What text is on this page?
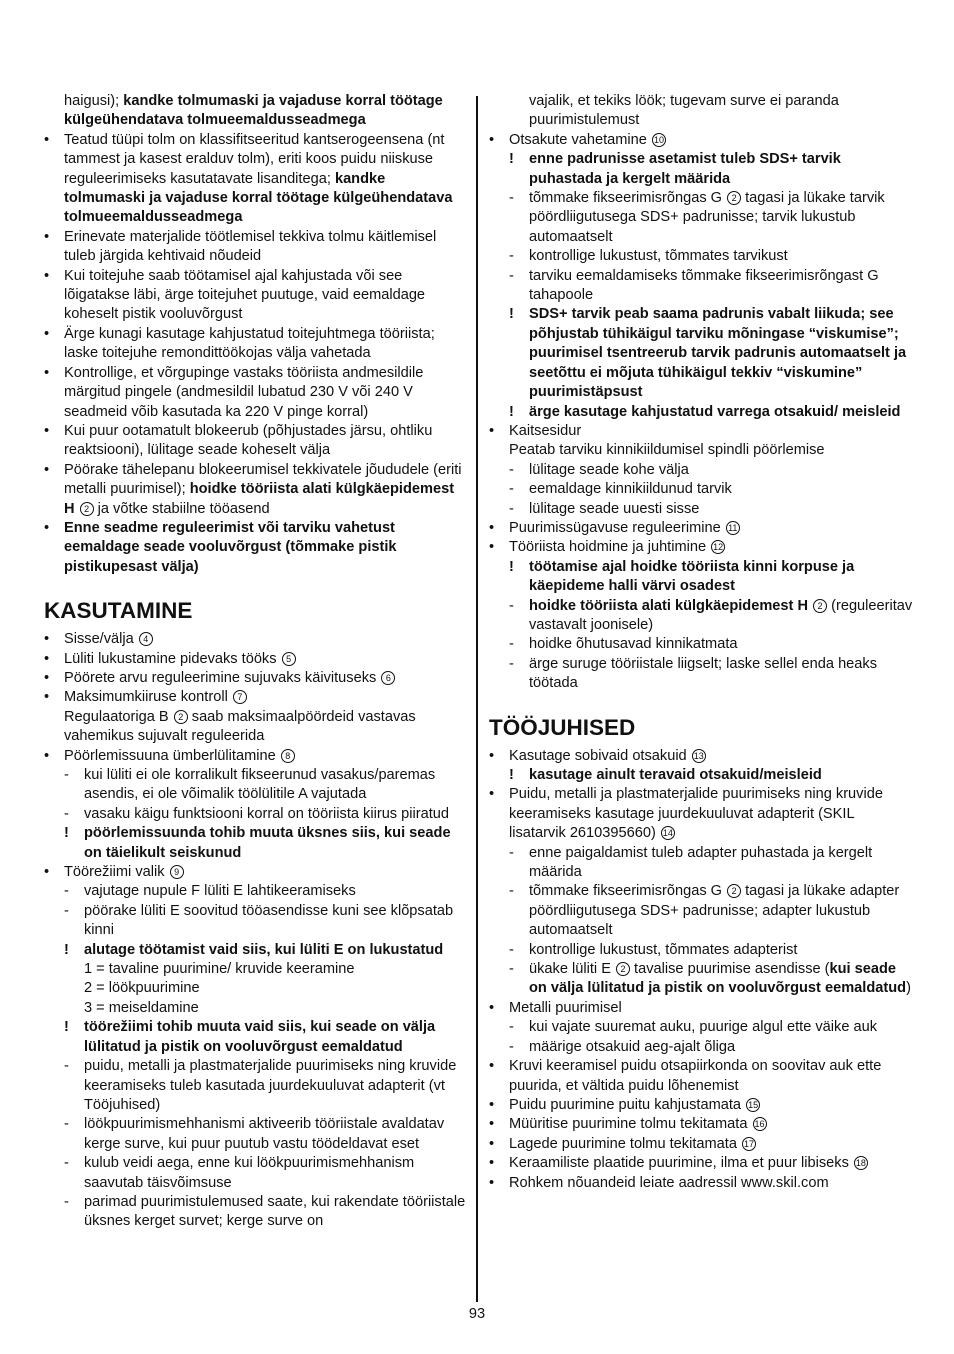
haigusi); kandke tolmumaski ja vajaduse korral töötage külgeühendatava tolmueemaldusseadmega
•	Teatud tüüpi tolm on klassifitseeritud kantserogeensena (nt tammest ja kasest eralduv tolm), eriti koos puidu niiskuse reguleerimiseks kasutatavate lisanditega; kandke tolmumaski ja vajaduse korral töötage külgeühendatava tolmueemaldusseadmega
•	Erinevate materjalide töötlemisel tekkiva tolmu käitlemisel tuleb järgida kehtivaid nõudeid
•	Kui toitejuhe saab töötamisel ajal kahjustada või see lõigatakse läbi, ärge toitejuhet puutuge, vaid eemaldage koheselt pistik vooluvõrgust
•	Ärge kunagi kasutage kahjustatud toitejuhtmega tööriista; laske toitejuhe remondittöökojas välja vahetada
•	Kontrollige, et võrgupinge vastaks tööriista andmesildile märgitud pingele (andmesildil lubatud 230 V või 240 V seadmeid võib kasutada ka 220 V pinge korral)
•	Kui puur ootamatult blokeerub (põhjustades järsu, ohtliku reaktsiooni), lülitage seade koheselt välja
•	Pöörake tähelepanu blokeerumisel tekkivatele jõududele (eriti metalli puurimisel); hoidke tööriista alati külgkäepidemest H 2 ja võtke stabiilne tööasend
•	Enne seadme reguleerimist või tarviku vahetust eemaldage seade vooluvõrgust (tõmmake pistik pistikupesast välja)
KASUTAMINE
•	Sisse/välja 4
•	Lüliti lukustamine pidevaks tööks 5
•	Pöörete arvu reguleerimine sujuvaks käivituseks 6
•	Maksimumkiiruse kontroll 7
Regulaatoriga B 2 saab maksimaalpöördeid vastavas vahemikus sujuvalt reguleerida
•	Pöörlemissuuna ümberlülitamine 8
-	kui lüliti ei ole korralikult fikseerunud vasakus/paremas asendis, ei ole võimalik töölülitile A vajutada
-	vasaku käigu funktsiooni korral on tööriista kiirus piiratud
!	pöörlemissuunda tohib muuta üksnes siis, kui seade on täielikult seiskunud
•	Töörežiimi valik 9
-	vajutage nupule F lüliti E lahtikeeramiseks
-	pöörake lüliti E soovitud tööasendisse kuni see klõpsatab kinni
!	alutage töötamist vaid siis, kui lüliti E on lukustatud
1 = tavaline puurimine/ kruvide keeramine
2 = löökpuurimine
3 = meiseldamine
!	töörežiimi tohib muuta vaid siis, kui seade on välja lülitatud ja pistik on vooluvõrgust eemaldatud
-	puidu, metalli ja plastmaterjalide puurimiseks ning kruvide keeramiseks tuleb kasutada juurdekuuluvat adapterit (vt Tööjuhised)
-	löökpuurimismehhanismi aktiveerib tööriistale avaldatav kerge surve, kui puur puutub vastu töödeldavat eset
-	kulub veidi aega, enne kui löökpuurimismehhanism saavutab täisvõimsuse
-	parimad puurimistulemused saate, kui rakendate tööriistale üksnes kerget survet; kerge surve on
vajalik, et tekiks löök; tugevam surve ei paranda puurimistulemust
•	Otsakute vahetamine 10
!	enne padrunisse asetamist tuleb SDS+ tarvik puhastada ja kergelt määrida
-	tõmmake fikseerimisrõngas G 2 tagasi ja lükake tarvik pöördliigutusega SDS+ padrunisse; tarvik lukustub automaatselt
-	kontrollige lukustust, tõmmates tarvikust
-	tarviku eemaldamiseks tõmmake fikseerimisrõngast G tahapoole
!	SDS+ tarvik peab saama padrunis vabalt liikuda; see põhjustab tühikäigul tarviku mõningase “viskumise”; puurimisel tsentreerub tarvik padrunis automaatselt ja seetõttu ei mõjuta tühikäigul tekkiv “viskumine” puurimistäpsust
!	ärge kasutage kahjustatud varrega otsakuid/ meisleid
•	Kaitsesidur
Peatab tarviku kinnikiildumisel spindli pöörlemise
-	lülitage seade kohe välja
-	eemaldage kinnikiildunud tarvik
-	lülitage seade uuesti sisse
•	Puurimissügavuse reguleerimine 11
•	Tööriista hoidmine ja juhtimine 12
!	töötamise ajal hoidke tööriista kinni korpuse ja käepideme halli värvi osadest
-	hoidke tööriista alati külgkäepidemest H 2 (reguleeritav vastavalt joonisele)
-	hoidke õhutusavad kinnikatmata
-	ärge suruge tööriistale liigselt; laske sellel enda heaks töötada
TÖÖJUHISED
•	Kasutage sobivaid otsakuid 13
!	kasutage ainult teravaid otsakuid/meisleid
•	Puidu, metalli ja plastmaterjalide puurimiseks ning kruvide keeramiseks kasutage juurdekuuluvat adapterit (SKIL lisatarvik 2610395660) 14
-	enne paigaldamist tuleb adapter puhastada ja kergelt määrida
-	tõmmake fikseerimisrõngas G 2 tagasi ja lükake adapter pöördliigutusega SDS+ padrunisse; adapter lukustub automaatselt
-	kontrollige lukustust, tõmmates adapterist
-	ükake lüliti E 2 tavalise puurimise asendisse (kui seade on välja lülitatud ja pistik on vooluvõrgust eemaldatud)
•	Metalli puurimisel
-	kui vajate suuremat auku, puurige algul ette väike auk
-	määrige otsakuid aeg-ajalt õliga
•	Kruvi keeramisel puidu otsapiirkonda on soovitav auk ette puurida, et vältida puidu lõhenemist
•	Puidu puurimine puitu kahjustamata 15
•	Müüritise puurimine tolmu tekitamata 16
•	Lagede puurimine tolmu tekitamata 17
•	Keraamiliste plaatide puurimine, ilma et puur libiseks 18
•	Rohkem nõuandeid leiate aadressil www.skil.com
93
